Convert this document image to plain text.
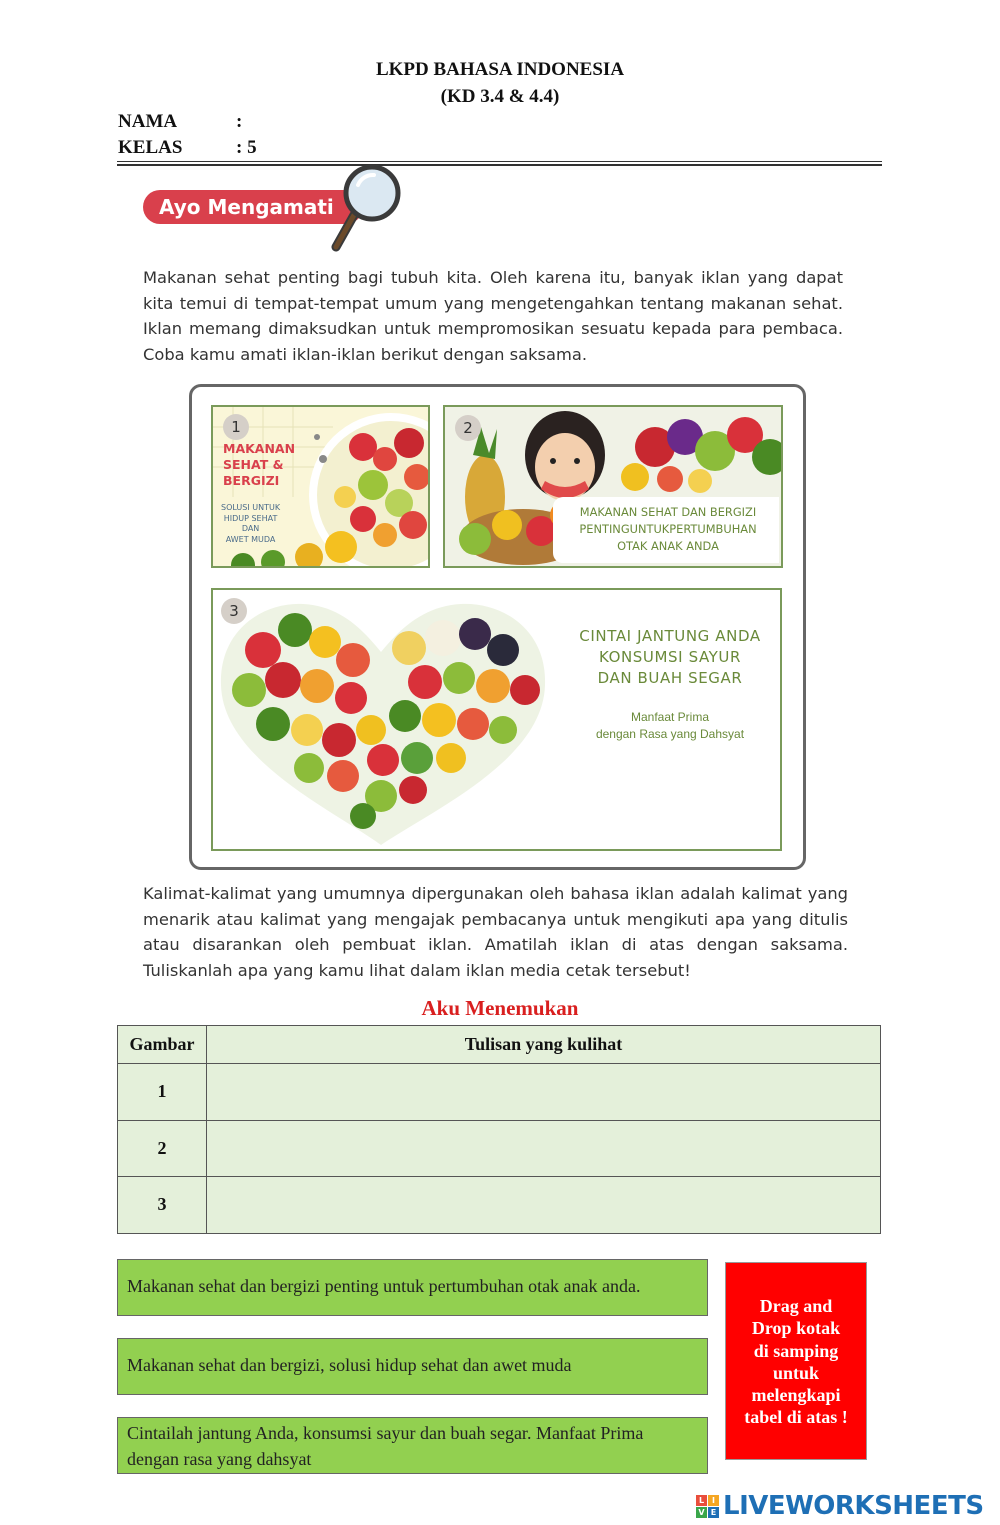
LKPD BAHASA INDONESIA
(KD 3.4 & 4.4)
NAMA	:
KELAS	: 5
Ayo Mengamati
Makanan sehat penting bagi tubuh kita. Oleh karena itu, banyak iklan yang dapat kita temui di tempat-tempat umum yang mengetengahkan tentang makanan sehat. Iklan memang dimaksudkan untuk mempromosikan sesuatu kepada para pembaca. Coba kamu amati iklan-iklan berikut dengan saksama.
1
MAKANAN
SEHAT &
BERGIZI
SOLUSI UNTUK
HIDUP SEHAT
DAN
AWET MUDA
2
MAKANAN SEHAT DAN BERGIZI
PENTINGUNTUKPERTUMBUHAN
OTAK ANAK ANDA
3
CINTAI JANTUNG ANDA
KONSUMSI SAYUR
DAN BUAH SEGAR
Manfaat Prima
dengan Rasa yang Dahsyat
Kalimat-kalimat yang umumnya dipergunakan oleh bahasa iklan adalah kalimat yang menarik atau kalimat yang mengajak pembacanya untuk mengikuti apa yang ditulis atau disarankan oleh pembuat iklan. Amatilah iklan di atas dengan saksama. Tuliskanlah apa yang kamu lihat dalam iklan media cetak tersebut!
Aku Menemukan
Gambar	Tulisan yang kulihat
1	
2	
3	
Makanan sehat dan bergizi penting untuk pertumbuhan otak anak anda.
Makanan sehat dan bergizi, solusi hidup sehat dan awet muda
Cintailah jantung Anda, konsumsi sayur dan buah segar. Manfaat Prima dengan rasa yang dahsyat
Drag and
Drop kotak
di samping
untuk
melengkapi
tabel di atas !
L I
V E LIVEWORKSHEETS
